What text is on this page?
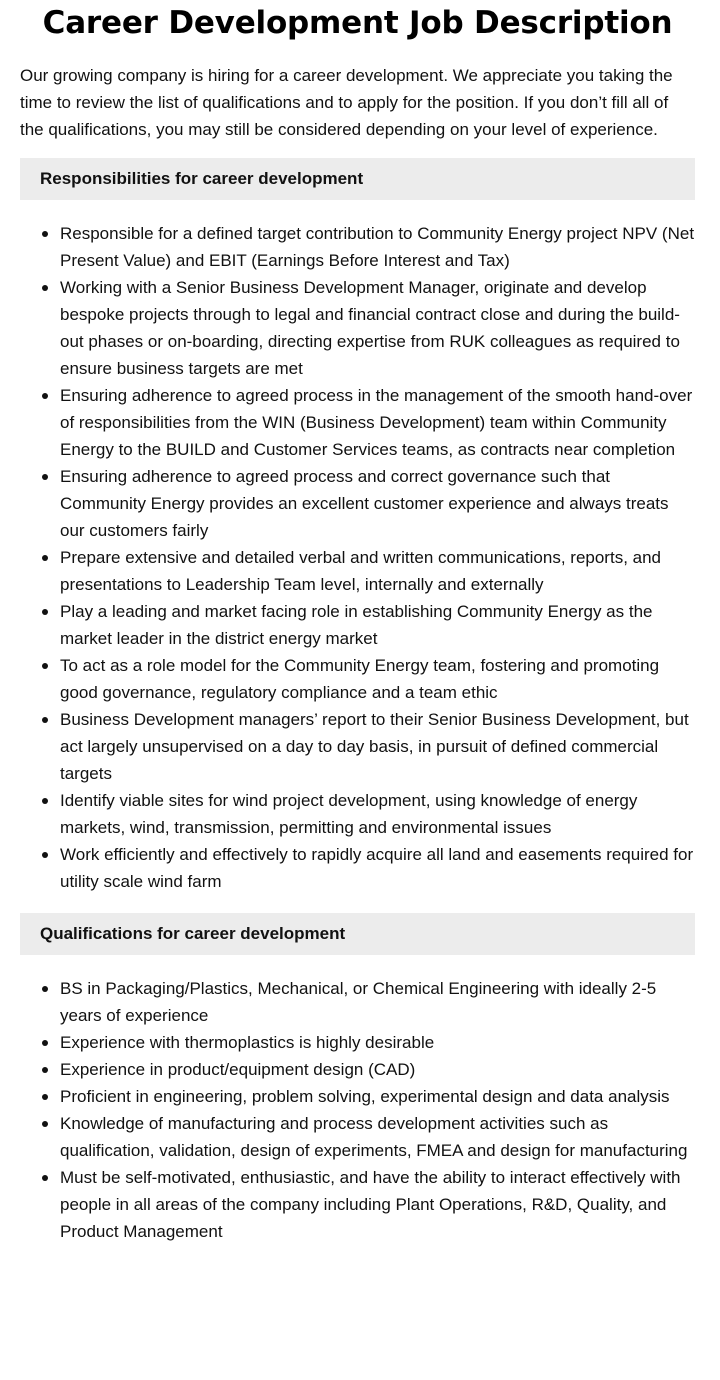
Career Development Job Description

Our growing company is hiring for a career development. We appreciate you taking the time to review the list of qualifications and to apply for the position. If you don’t fill all of the qualifications, you may still be considered depending on your level of experience.

Responsibilities for career development
Responsible for a defined target contribution to Community Energy project NPV (Net Present Value) and EBIT (Earnings Before Interest and Tax)
Working with a Senior Business Development Manager, originate and develop bespoke projects through to legal and financial contract close and during the build-out phases or on-boarding, directing expertise from RUK colleagues as required to ensure business targets are met
Ensuring adherence to agreed process in the management of the smooth hand-over of responsibilities from the WIN (Business Development) team within Community Energy to the BUILD and Customer Services teams, as contracts near completion
Ensuring adherence to agreed process and correct governance such that Community Energy provides an excellent customer experience and always treats our customers fairly
Prepare extensive and detailed verbal and written communications, reports, and presentations to Leadership Team level, internally and externally
Play a leading and market facing role in establishing Community Energy as the market leader in the district energy market
To act as a role model for the Community Energy team, fostering and promoting good governance, regulatory compliance and a team ethic
Business Development managers’ report to their Senior Business Development, but act largely unsupervised on a day to day basis, in pursuit of defined commercial targets
Identify viable sites for wind project development, using knowledge of energy markets, wind, transmission, permitting and environmental issues
Work efficiently and effectively to rapidly acquire all land and easements required for utility scale wind farm
Qualifications for career development
BS in Packaging/Plastics, Mechanical, or Chemical Engineering with ideally 2-5 years of experience
Experience with thermoplastics is highly desirable
Experience in product/equipment design (CAD)
Proficient in engineering, problem solving, experimental design and data analysis
Knowledge of manufacturing and process development activities such as qualification, validation, design of experiments, FMEA and design for manufacturing
Must be self-motivated, enthusiastic, and have the ability to interact effectively with people in all areas of the company including Plant Operations, R&D, Quality, and Product Management
